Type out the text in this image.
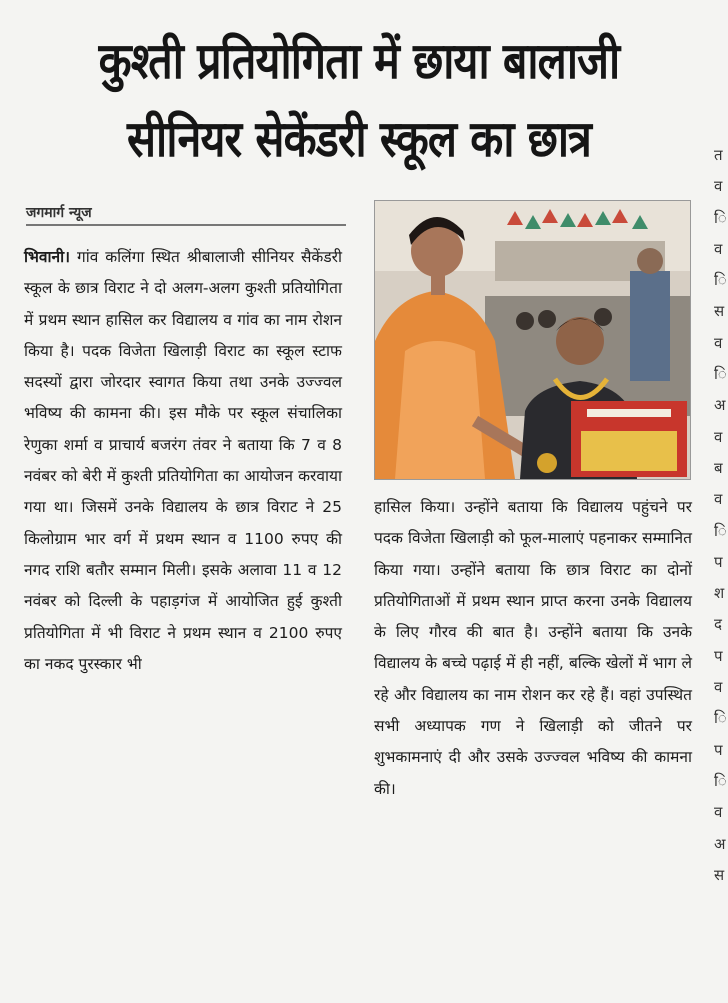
कुश्ती प्रतियोगिता में छाया बालाजी
सीनियर सेकेंडरी स्कूल का छात्र
जगमार्ग न्यूज

भिवानी। गांव कलिंगा स्थित श्रीबालाजी सीनियर सैकेंडरी स्कूल के छात्र विराट ने दो अलग-अलग कुश्ती प्रतियोगिता में प्रथम स्थान हासिल कर विद्यालय व गांव का नाम रोशन किया है। पदक विजेता खिलाड़ी विराट का स्कूल स्टाफ सदस्यों द्वारा जोरदार स्वागत किया तथा उनके उज्ज्वल भविष्य की कामना की। इस मौके पर स्कूल संचालिका रेणुका शर्मा व प्राचार्य बजरंग तंवर ने बताया कि 7 व 8 नवंबर को बेरी में कुश्ती प्रतियोगिता का आयोजन करवाया गया था। जिसमें उनके विद्यालय के छात्र विराट ने 25 किलोग्राम भार वर्ग में प्रथम स्थान व 1100 रुपए की नगद राशि बतौर सम्मान मिली। इसके अलावा 11 व 12 नवंबर को दिल्ली के पहाड़गंज में आयोजित हुई कुश्ती प्रतियोगिता में भी विराट ने प्रथम स्थान व 2100 रुपए का नकद पुरस्कार भी

हासिल किया। उन्होंने बताया कि विद्यालय पहुंचने पर पदक विजेता खिलाड़ी को फूल-मालाएं पहनाकर सम्मानित किया गया। उन्होंने बताया कि छात्र विराट का दोनों प्रतियोगिताओं में प्रथम स्थान प्राप्त करना उनके विद्यालय के लिए गौरव की बात है। उन्होंने बताया कि उनके विद्यालय के बच्चे पढ़ाई में ही नहीं, बल्कि खेलों में भाग ले रहे और विद्यालय का नाम रोशन कर रहे हैं। वहां उपस्थित सभी अध्यापक गण ने खिलाड़ी को जीतने पर शुभकामनाएं दी और उसके उज्ज्वल भविष्य की कामना की।

त
व
ि
व
ि
स
व
ि
अ
व
ब
व
ि
प
श
द
प
व
ि
प
ि
व
अ
स
